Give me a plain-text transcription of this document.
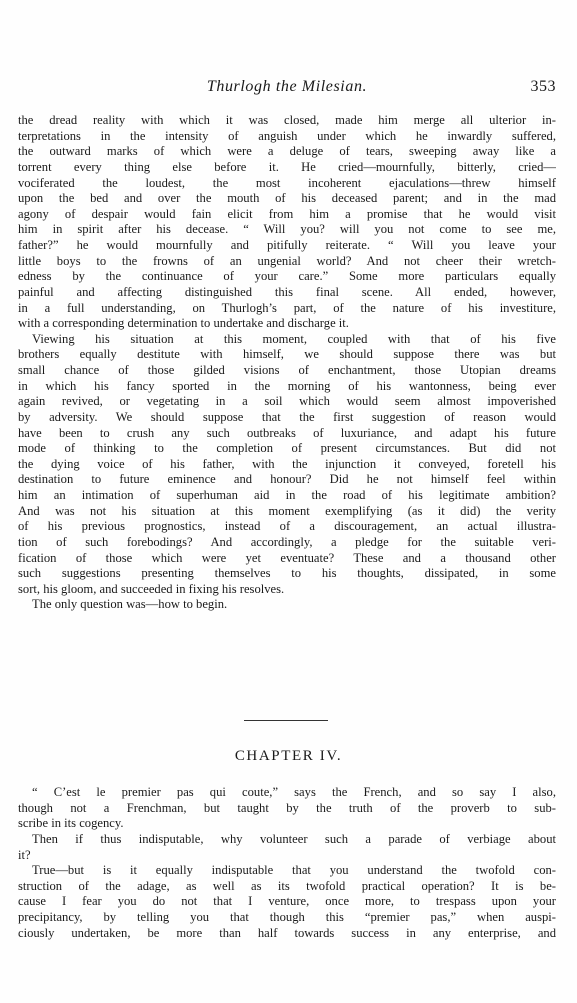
Thurlogh the Milesian.	353
the dread reality with which it was closed, made him merge all ulterior in-
terpretations in the intensity of anguish under which he inwardly suffered,
the outward marks of which were a deluge of tears, sweeping away like a
torrent every thing else before it. He cried—mournfully, bitterly, cried—
vociferated the loudest, the most incoherent ejaculations—threw himself
upon the bed and over the mouth of his deceased parent; and in the mad
agony of despair would fain elicit from him a promise that he would visit
him in spirit after his decease. “ Will you? will you not come to see me,
father?” he would mournfully and pitifully reiterate. “ Will you leave your
little boys to the frowns of an ungenial world? And not cheer their wretch-
edness by the continuance of your care.” Some more particulars equally
painful and affecting distinguished this final scene. All ended, however,
in a full understanding, on Thurlogh’s part, of the nature of his investiture,
with a corresponding determination to undertake and discharge it.
Viewing his situation at this moment, coupled with that of his five
brothers equally destitute with himself, we should suppose there was but
small chance of those gilded visions of enchantment, those Utopian dreams
in which his fancy sported in the morning of his wantonness, being ever
again revived, or vegetating in a soil which would seem almost impoverished
by adversity. We should suppose that the first suggestion of reason would
have been to crush any such outbreaks of luxuriance, and adapt his future
mode of thinking to the completion of present circumstances. But did not
the dying voice of his father, with the injunction it conveyed, foretell his
destination to future eminence and honour? Did he not himself feel within
him an intimation of superhuman aid in the road of his legitimate ambition?
And was not his situation at this moment exemplifying (as it did) the verity
of his previous prognostics, instead of a discouragement, an actual illustra-
tion of such forebodings? And accordingly, a pledge for the suitable veri-
fication of those which were yet eventuate? These and a thousand other
such suggestions presenting themselves to his thoughts, dissipated, in some
sort, his gloom, and succeeded in fixing his resolves.
The only question was—how to begin.
CHAPTER IV.
“ C’est le premier pas qui coute,” says the French, and so say I also,
though not a Frenchman, but taught by the truth of the proverb to sub-
scribe in its cogency.
Then if thus indisputable, why volunteer such a parade of verbiage about
it?
True—but is it equally indisputable that you understand the twofold con-
struction of the adage, as well as its twofold practical operation? It is be-
cause I fear you do not that I venture, once more, to trespass upon your
precipitancy, by telling you that though this “premier pas,” when auspi-
ciously undertaken, be more than half towards success in any enterprise, and
